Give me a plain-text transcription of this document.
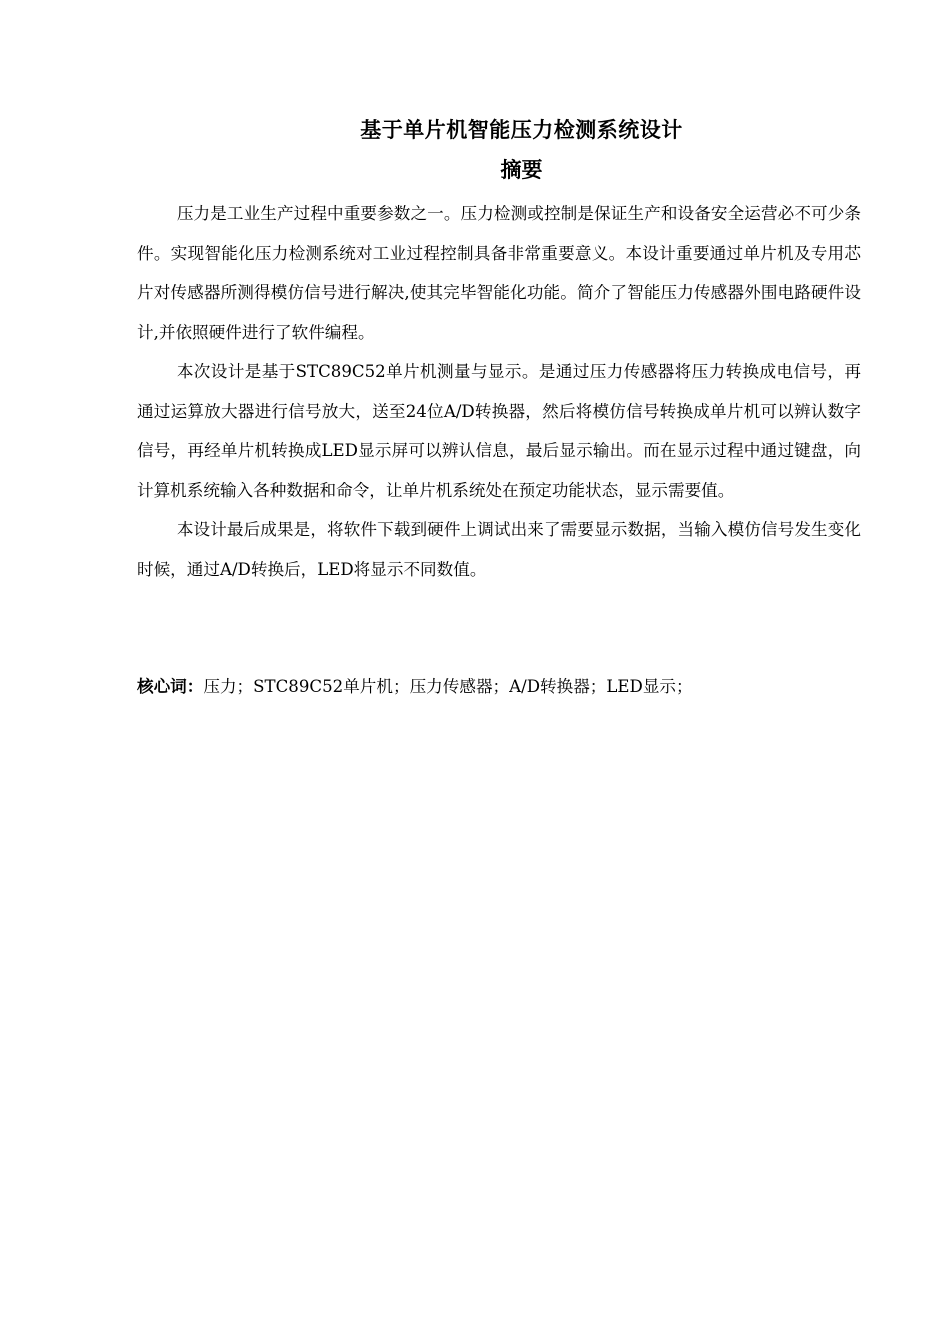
基于单片机智能压力检测系统设计
摘要

压力是工业生产过程中重要参数之一。压力检测或控制是保证生产和设备安全运营必不可少条件。实现智能化压力检测系统对工业过程控制具备非常重要意义。本设计重要通过单片机及专用芯片对传感器所测得模仿信号进行解决,使其完毕智能化功能。简介了智能压力传感器外围电路硬件设计,并依照硬件进行了软件编程。

本次设计是基于STC89C52单片机测量与显示。是通过压力传感器将压力转换成电信号，再通过运算放大器进行信号放大，送至24位A/D转换器，然后将模仿信号转换成单片机可以辨认数字信号，再经单片机转换成LED显示屏可以辨认信息，最后显示输出。而在显示过程中通过键盘，向计算机系统输入各种数据和命令，让单片机系统处在预定功能状态，显示需要值。

本设计最后成果是，将软件下载到硬件上调试出来了需要显示数据，当输入模仿信号发生变化时候，通过A/D转换后，LED将显示不同数值。

核心词：压力；STC89C52单片机；压力传感器；A/D转换器；LED显示；
